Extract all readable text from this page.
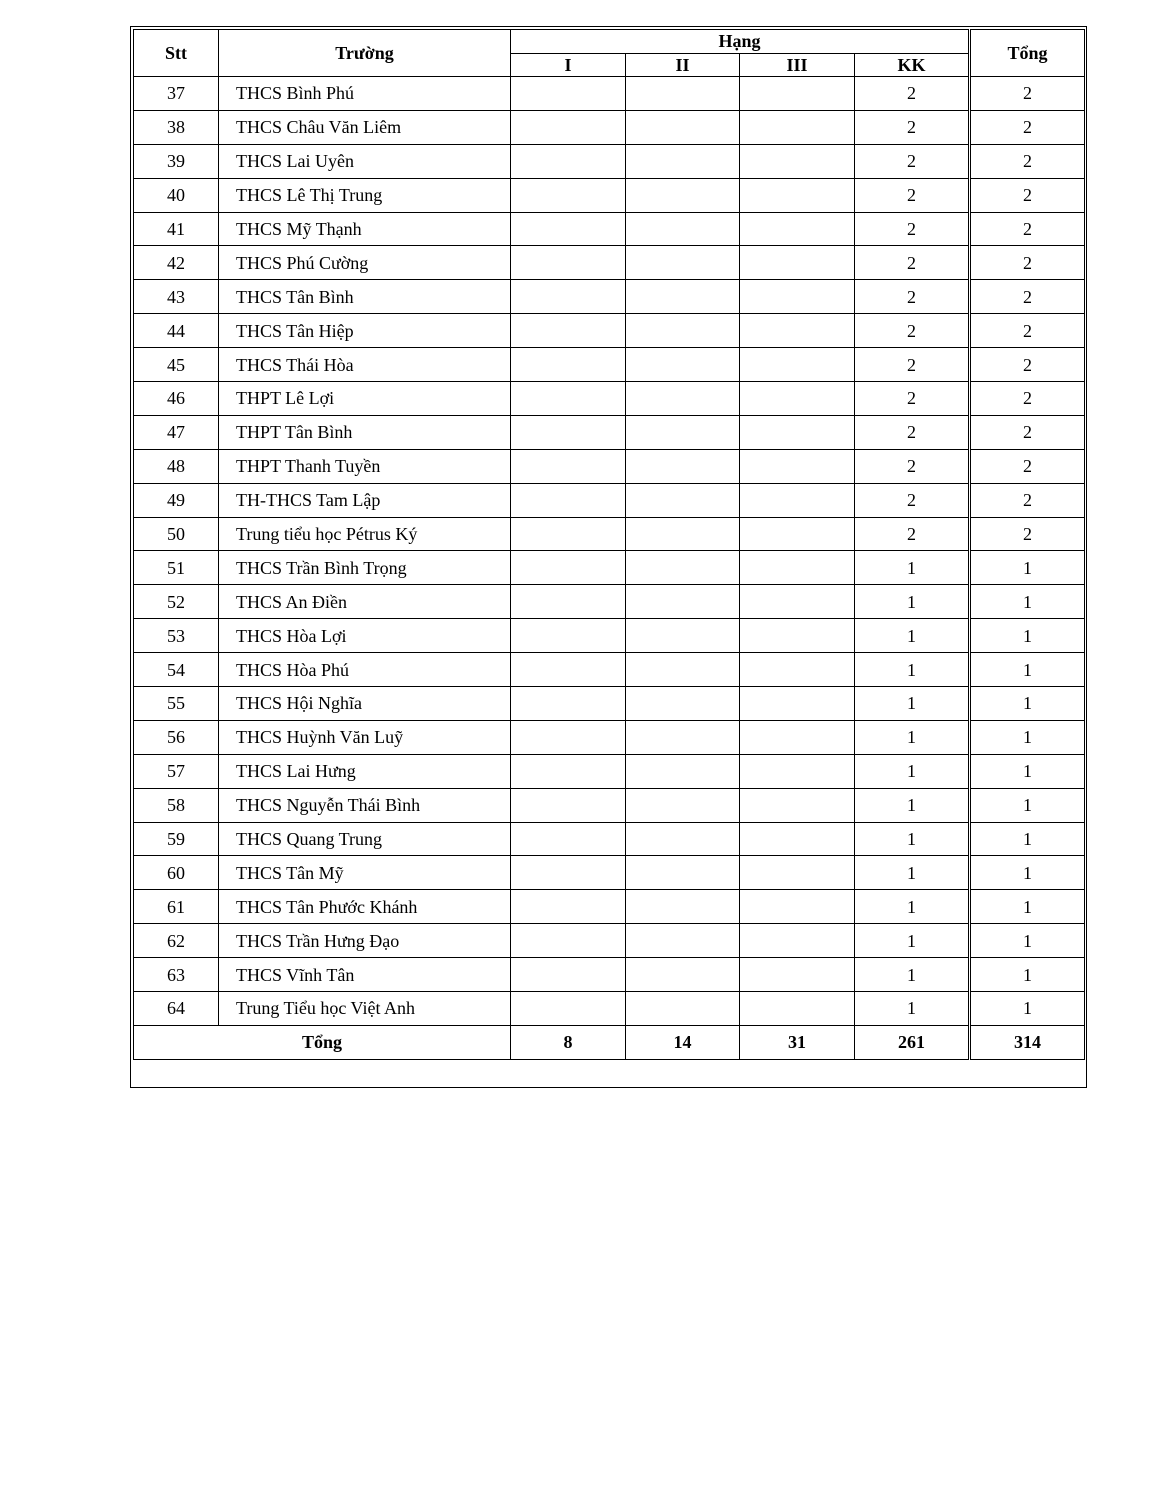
Stt	Trường	Hạng				Tổng
		I	II	III	KK	
37	THCS Bình Phú				2	2
38	THCS Châu Văn Liêm				2	2
39	THCS Lai Uyên				2	2
40	THCS Lê Thị Trung				2	2
41	THCS Mỹ Thạnh				2	2
42	THCS Phú Cường				2	2
43	THCS Tân Bình				2	2
44	THCS Tân Hiệp				2	2
45	THCS Thái Hòa				2	2
46	THPT Lê Lợi				2	2
47	THPT Tân Bình				2	2
48	THPT Thanh Tuyền				2	2
49	TH-THCS Tam Lập				2	2
50	Trung tiểu học Pétrus Ký				2	2
51	THCS Trần Bình Trọng				1	1
52	THCS An Điền				1	1
53	THCS Hòa Lợi				1	1
54	THCS Hòa Phú				1	1
55	THCS Hội Nghĩa				1	1
56	THCS Huỳnh Văn Luỹ				1	1
57	THCS Lai Hưng				1	1
58	THCS Nguyễn Thái Bình				1	1
59	THCS Quang Trung				1	1
60	THCS Tân Mỹ				1	1
61	THCS Tân Phước Khánh				1	1
62	THCS Trần Hưng Đạo				1	1
63	THCS Vĩnh Tân				1	1
64	Trung Tiểu học Việt Anh				1	1
Tổng		8	14	31	261	314
